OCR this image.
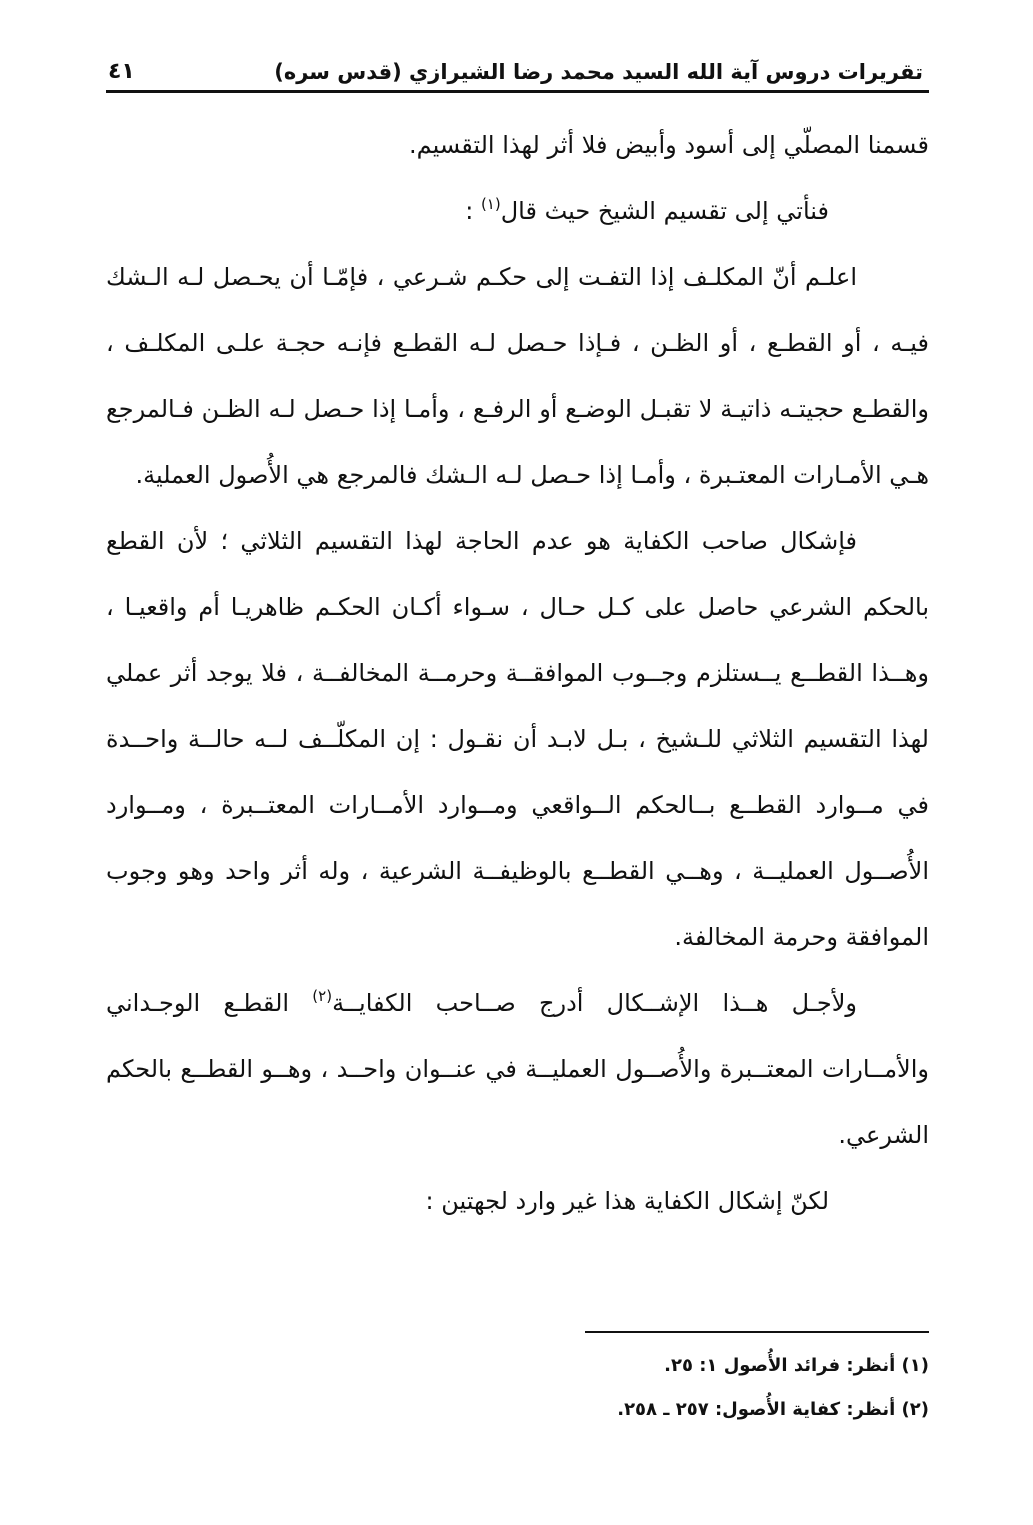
تقريرات دروس آية الله السيد محمد رضا الشيرازي (قدس سره)
٤١

قسمنا المصلّي إلى أسود وأبيض فلا أثر لهذا التقسيم.

فنأتي إلى تقسيم الشيخ حيث قال$^{(١)}$ :

اعلـم أنّ المكلـف إذا التفـت إلى حكـم شـرعي ، فإمّـا أن يحـصل لـه الـشك فيـه ، أو القطـع ، أو الظـن ، فـإذا حـصل لـه القطـع فإنـه حجـة علـى المكلـف ، والقطـع حجيتـه ذاتيـة لا تقبـل الوضـع أو الرفـع ، وأمـا إذا حـصل لـه الظـن فـالمرجع هـي الأمـارات المعتـبرة ، وأمـا إذا حـصل لـه الـشك فالمرجع هي الأُصول العملية.

فإشكال صاحب الكفاية هو عدم الحاجة لهذا التقسيم الثلاثي ؛ لأن القطع بالحكم الشرعي حاصل على كـل حـال ، سـواء أكـان الحكـم ظاهريـا أم واقعيـا ، وهــذا القطــع يــستلزم وجــوب الموافقــة وحرمــة المخالفــة ، فلا يوجد أثر عملي لهذا التقسيم الثلاثي للـشيخ ، بـل لابـد أن نقـول : إن المكلّــف لــه حالــة واحــدة في مــوارد القطــع بــالحكم الــواقعي ومــوارد الأمــارات المعتــبرة ، ومــوارد الأُصــول العمليــة ، وهــي القطــع بالوظيفــة الشرعية ، وله أثر واحد وهو وجوب الموافقة وحرمة المخالفة.

ولأجـل هــذا الإشــكال أدرج صــاحب الكفايــة$^{(٢)}$ القطـع الوجـداني والأمــارات المعتــبرة والأُصــول العمليــة في عنــوان واحــد ، وهــو القطــع بالحكم الشرعي.

لكنّ إشكال الكفاية هذا غير وارد لجهتين :

(١) أنظر: فرائد الأُصول ١: ٢٥.

(٢) أنظر: كفاية الأُصول: ٢٥٧ ـ ٢٥٨.
